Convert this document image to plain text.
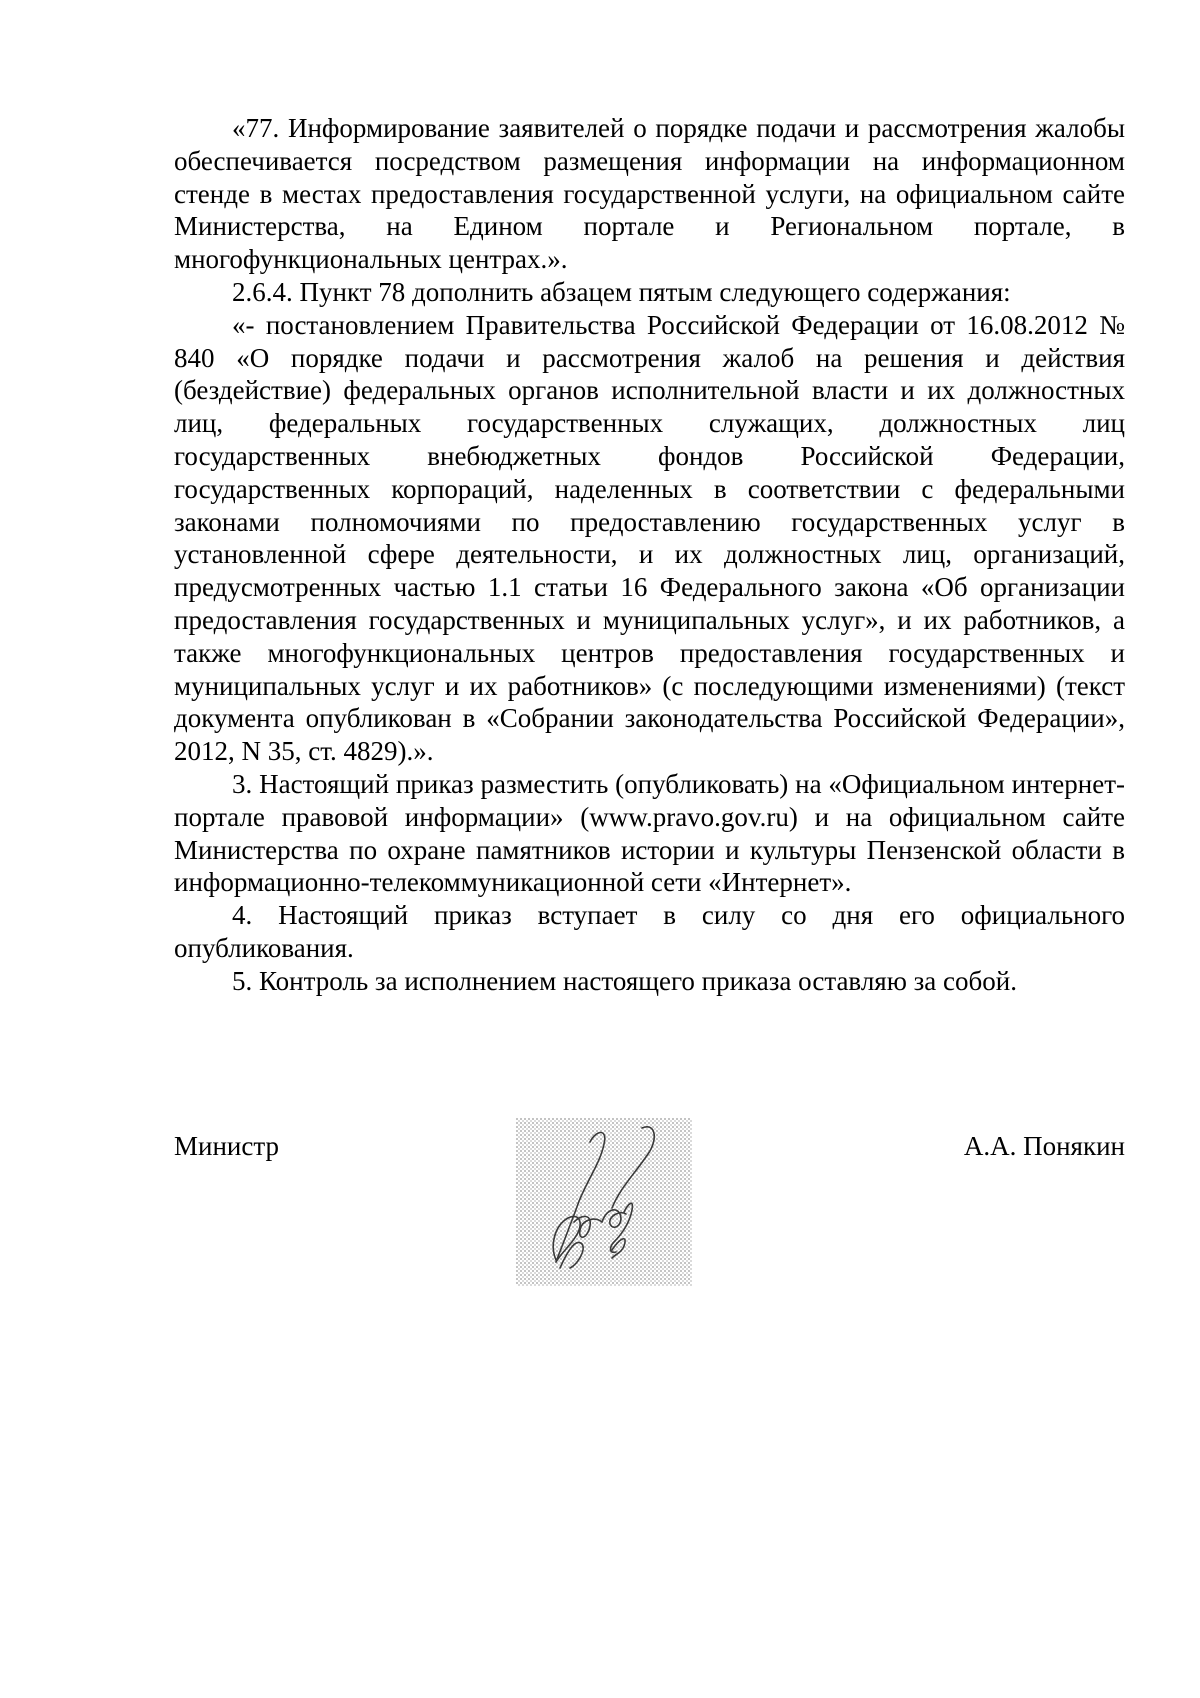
«77. Информирование заявителей о порядке подачи и рассмотрения жалобы обеспечивается посредством размещения информации на информационном стенде в местах предоставления государственной услуги, на официальном сайте Министерства, на Едином портале и Региональном портале, в многофункциональных центрах.».

2.6.4. Пункт 78 дополнить абзацем пятым следующего содержания:

«- постановлением Правительства Российской Федерации от 16.08.2012 № 840 «О порядке подачи и рассмотрения жалоб на решения и действия (бездействие) федеральных органов исполнительной власти и их должностных лиц, федеральных государственных служащих, должностных лиц государственных внебюджетных фондов Российской Федерации, государственных корпораций, наделенных в соответствии с федеральными законами полномочиями по предоставлению государственных услуг в установленной сфере деятельности, и их должностных лиц, организаций, предусмотренных частью 1.1 статьи 16 Федерального закона «Об организации предоставления государственных и муниципальных услуг», и их работников, а также многофункциональных центров предоставления государственных и муниципальных услуг и их работников» (с последующими изменениями) (текст документа опубликован в «Собрании законодательства Российской Федерации», 2012, N 35, ст. 4829).».

3. Настоящий приказ разместить (опубликовать) на «Официальном интернет-портале правовой информации» (www.pravo.gov.ru) и на официальном сайте Министерства по охране памятников истории и культуры Пензенской области в информационно-телекоммуникационной сети «Интернет».

4. Настоящий приказ вступает в силу со дня его официального опубликования.

5. Контроль за исполнением настоящего приказа оставляю за собой.

Министр	А.А. Понякин
